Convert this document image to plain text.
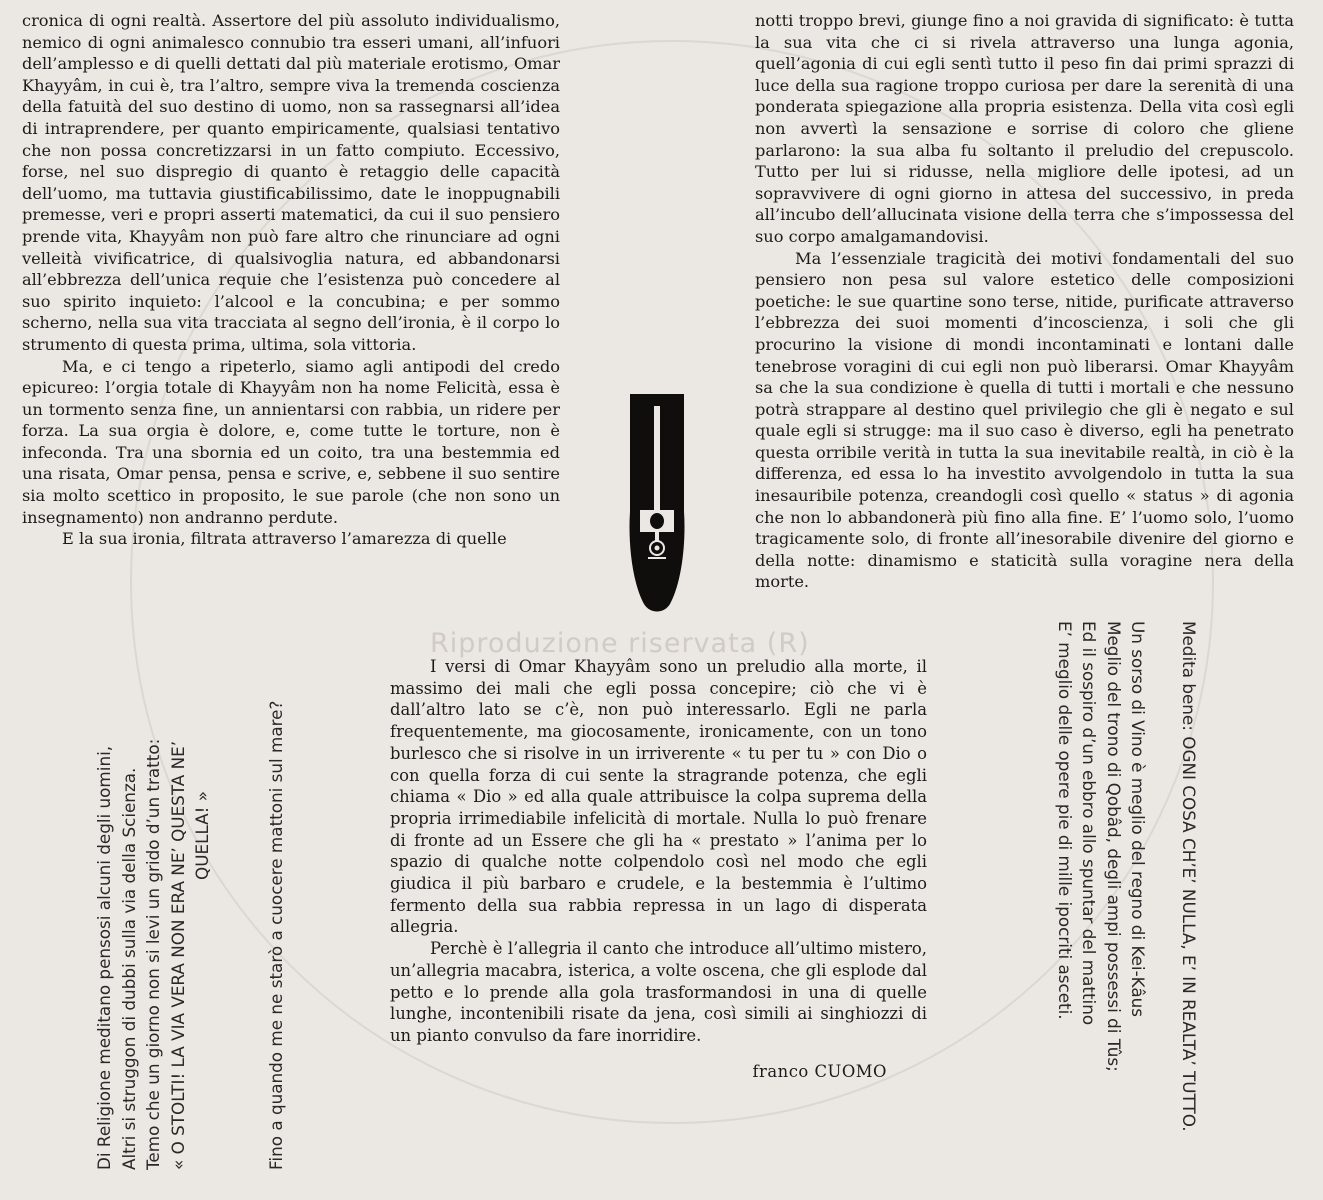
Riproduzione riservata (R)

cronica di ogni realtà. Assertore del più assoluto individualismo, nemico di ogni animalesco connubio tra esseri umani, all’infuori dell’amplesso e di quelli dettati dal più materiale erotismo, Omar Khayyâm, in cui è, tra l’altro, sempre viva la tremenda coscienza della fatuità del suo destino di uomo, non sa rassegnarsi all’idea di intraprendere, per quanto empiricamente, qualsiasi tentativo che non possa concretizzarsi in un fatto compiuto. Eccessivo, forse, nel suo dispregio di quanto è retaggio delle capacità dell’uomo, ma tuttavia giustificabilissimo, date le inoppugnabili premesse, veri e propri asserti matematici, da cui il suo pensiero prende vita, Khayyâm non può fare altro che rinunciare ad ogni velleità vivificatrice, di qualsivoglia natura, ed abbandonarsi all’ebbrezza dell’unica requie che l’esistenza può concedere al suo spirito inquieto: l’alcool e la concubina; e per sommo scherno, nella sua vita tracciata al segno dell’ironia, è il corpo lo strumento di questa prima, ultima, sola vittoria.

Ma, e ci tengo a ripeterlo, siamo agli antipodi del credo epicureo: l’orgia totale di Khayyâm non ha nome Felicità, essa è un tormento senza fine, un annientarsi con rabbia, un ridere per forza. La sua orgia è dolore, e, come tutte le torture, non è infeconda. Tra una sbornia ed un coito, tra una bestemmia ed una risata, Omar pensa, pensa e scrive, e, sebbene il suo sentire sia molto scettico in proposito, le sue parole (che non sono un insegnamento) non andranno perdute.

E la sua ironia, filtrata attraverso l’amarezza di quelle

notti troppo brevi, giunge fino a noi gravida di significato: è tutta la sua vita che ci si rivela attraverso una lunga agonia, quell’agonia di cui egli sentì tutto il peso fin dai primi sprazzi di luce della sua ragione troppo curiosa per dare la serenità di una ponderata spiegazione alla propria esistenza. Della vita così egli non avvertì la sensazione e sorrise di coloro che gliene parlarono: la sua alba fu soltanto il preludio del crepuscolo. Tutto per lui si ridusse, nella migliore delle ipotesi, ad un sopravvivere di ogni giorno in attesa del successivo, in preda all’incubo dell’allucinata visione della terra che s’impossessa del suo corpo amalgamandovisi.

Ma l’essenziale tragicità dei motivi fondamentali del suo pensiero non pesa sul valore estetico delle composizioni poetiche: le sue quartine sono terse, nitide, purificate attraverso l’ebbrezza dei suoi momenti d’incoscienza, i soli che gli procurino la visione di mondi incontaminati e lontani dalle tenebrose voragini di cui egli non può liberarsi. Omar Khayyâm sa che la sua condizione è quella di tutti i mortali e che nessuno potrà strappare al destino quel privilegio che gli è negato e sul quale egli si strugge: ma il suo caso è diverso, egli ha penetrato questa orribile verità in tutta la sua inevitabile realtà, in ciò è la differenza, ed essa lo ha investito avvolgendolo in tutta la sua inesauribile potenza, creandogli così quello « status » di agonia che non lo abbandonerà più fino alla fine. E’ l’uomo solo, l’uomo tragicamente solo, di fronte all’inesorabile divenire del giorno e della notte: dinamismo e staticità sulla voragine nera della morte.

I versi di Omar Khayyâm sono un preludio alla morte, il massimo dei mali che egli possa concepire; ciò che vi è dall’altro lato se c’è, non può interessarlo. Egli ne parla frequentemente, ma giocosamente, ironicamente, con un tono burlesco che si risolve in un irriverente « tu per tu » con Dio o con quella forza di cui sente la stragrande potenza, che egli chiama « Dio » ed alla quale attribuisce la colpa suprema della propria irrimediabile infelicità di mortale. Nulla lo può frenare di fronte ad un Essere che gli ha « prestato » l’anima per lo spazio di qualche notte colpendolo così nel modo che egli giudica il più barbaro e crudele, e la bestemmia è l’ultimo fermento della sua rabbia repressa in un lago di disperata allegria.

Perchè è l’allegria il canto che introduce all’ultimo mistero, un’allegria macabra, isterica, a volte oscena, che gli esplode dal petto e lo prende alla gola trasformandosi in una di quelle lunghe, incontenibili risate da jena, così simili ai singhiozzi di un pianto convulso da fare inorridire.

franco CUOMO
Di Religione meditano pensosi alcuni degli uomini, Altri si struggon di dubbi sulla via della Scienza. Temo che un giorno non si levi un grido d’un tratto: « O STOLTI! LA VIA VERA NON ERA NE’ QUESTA NE’ QUELLA! »	Fino a quando me ne starò a cuocere mattoni sul mare?	Medita bene: OGNI COSA CH’E’ NULLA, E’ IN REALTA’ TUTTO.
Un sorso di Vino è meglio del regno di Kei-Kâus
Meglio del trono di Qobâd, degli ampi possessi di Tûs;
Ed il sospiro d’un ebbro allo spuntar del mattino
E’ meglio delle opere pie di mille ipocriti asceti.
